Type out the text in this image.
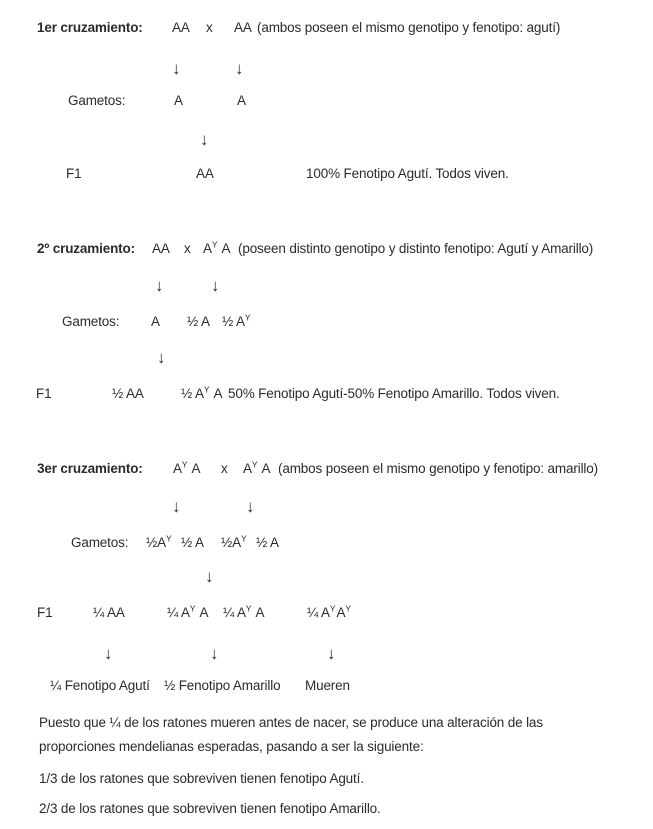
1er cruzamiento: AA x AA (ambos poseen el mismo genotipo y fenotipo: agutí)
↓	↓
Gametos:	A	A
↓
F1	AA	100% Fenotipo Agutí. Todos viven.
2º cruzamiento: AA x $A^Y$ A (poseen distinto genotipo y distinto fenotipo: Agutí y Amarillo)
↓	↓
Gametos: A ½ A ½ $A^Y$
↓
F1	½ AA	½ $A^Y$ A 50% Fenotipo Agutí-50% Fenotipo Amarillo. Todos viven.
3er cruzamiento: $A^Y$ A x $A^Y$ A (ambos poseen el mismo genotipo y fenotipo: amarillo)
↓	↓
Gametos: $\frac{1}{2}A^Y$ ½ A $\frac{1}{2}A^Y$ ½ A
↓
F1	¼ AA	¼ $A^Y$ A ¼ $A^Y$ A	¼ $A^YA^Y$
↓	↓	↓
¼ Fenotipo Agutí ½ Fenotipo Amarillo Mueren
Puesto que ¼ de los ratones mueren antes de nacer, se produce una alteración de las proporciones mendelianas esperadas, pasando a ser la siguiente:
1/3 de los ratones que sobreviven tienen fenotipo Agutí.
2/3 de los ratones que sobreviven tienen fenotipo Amarillo.
